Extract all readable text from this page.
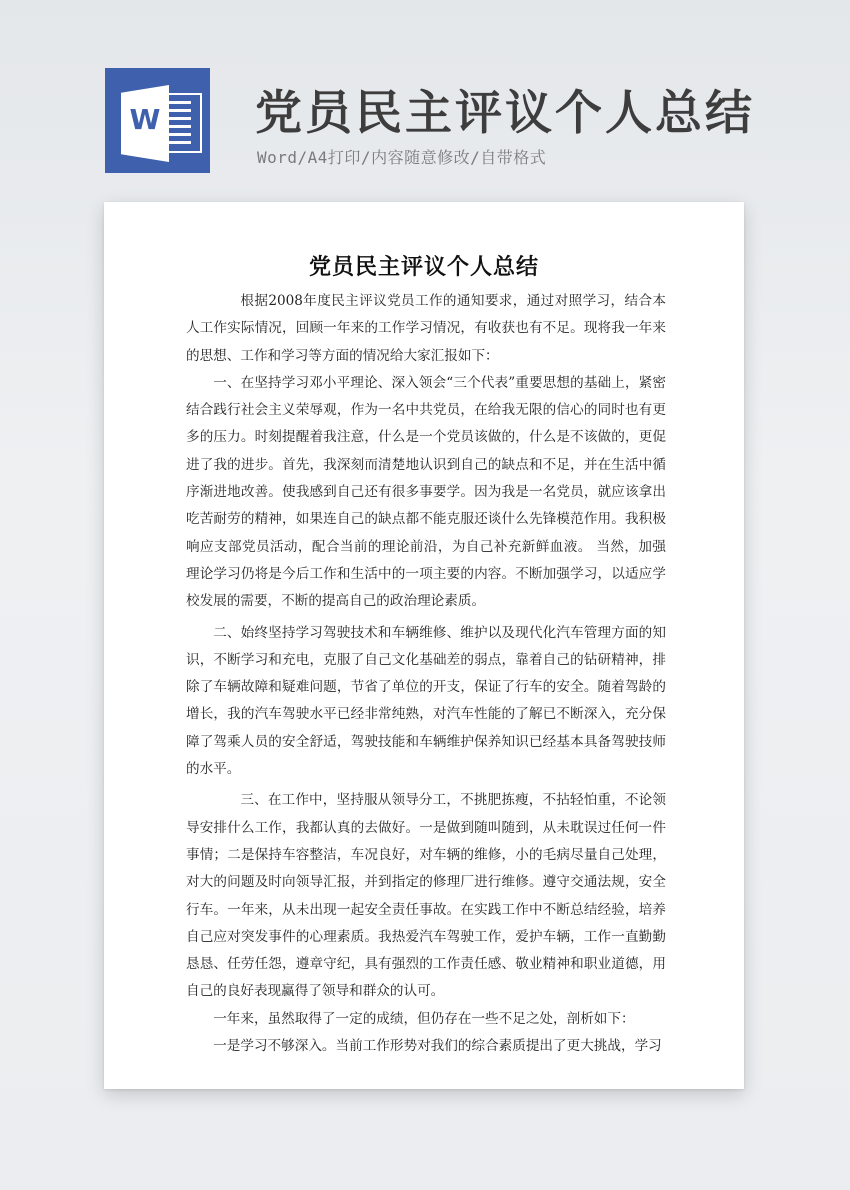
W 党员民主评议个人总结
Word/A4打印/内容随意修改/自带格式
党员民主评议个人总结

根据2008年度民主评议党员工作的通知要求，通过对照学习，结合本人工作实际情况，回顾一年来的工作学习情况，有收获也有不足。现将我一年来的思想、工作和学习等方面的情况给大家汇报如下：

一、在坚持学习邓小平理论、深入领会“三个代表”重要思想的基础上，紧密结合践行社会主义荣辱观，作为一名中共党员，在给我无限的信心的同时也有更多的压力。时刻提醒着我注意，什么是一个党员该做的，什么是不该做的，更促进了我的进步。首先，我深刻而清楚地认识到自己的缺点和不足，并在生活中循序渐进地改善。使我感到自己还有很多事要学。因为我是一名党员，就应该拿出吃苦耐劳的精神，如果连自己的缺点都不能克服还谈什么先锋模范作用。我积极响应支部党员活动，配合当前的理论前沿，为自己补充新鲜血液。 当然，加强理论学习仍将是今后工作和生活中的一项主要的内容。不断加强学习，以适应学校发展的需要，不断的提高自己的政治理论素质。

二、始终坚持学习驾驶技术和车辆维修、维护以及现代化汽车管理方面的知识，不断学习和充电，克服了自己文化基础差的弱点，靠着自己的钻研精神，排除了车辆故障和疑难问题，节省了单位的开支，保证了行车的安全。随着驾龄的增长，我的汽车驾驶水平已经非常纯熟，对汽车性能的了解已不断深入，充分保障了驾乘人员的安全舒适，驾驶技能和车辆维护保养知识已经基本具备驾驶技师的水平。

三、在工作中，坚持服从领导分工，不挑肥拣瘦，不拈轻怕重，不论领导安排什么工作，我都认真的去做好。一是做到随叫随到，从未耽误过任何一件事情；二是保持车容整洁，车况良好，对车辆的维修，小的毛病尽量自己处理，对大的问题及时向领导汇报，并到指定的修理厂进行维修。遵守交通法规，安全行车。一年来，从未出现一起安全责任事故。在实践工作中不断总结经验，培养自己应对突发事件的心理素质。我热爱汽车驾驶工作，爱护车辆，工作一直勤勤恳恳、任劳任怨，遵章守纪，具有强烈的工作责任感、敬业精神和职业道德，用自己的良好表现赢得了领导和群众的认可。

一年来，虽然取得了一定的成绩，但仍存在一些不足之处，剖析如下：

一是学习不够深入。当前工作形势对我们的综合素质提出了更大挑战，学习
